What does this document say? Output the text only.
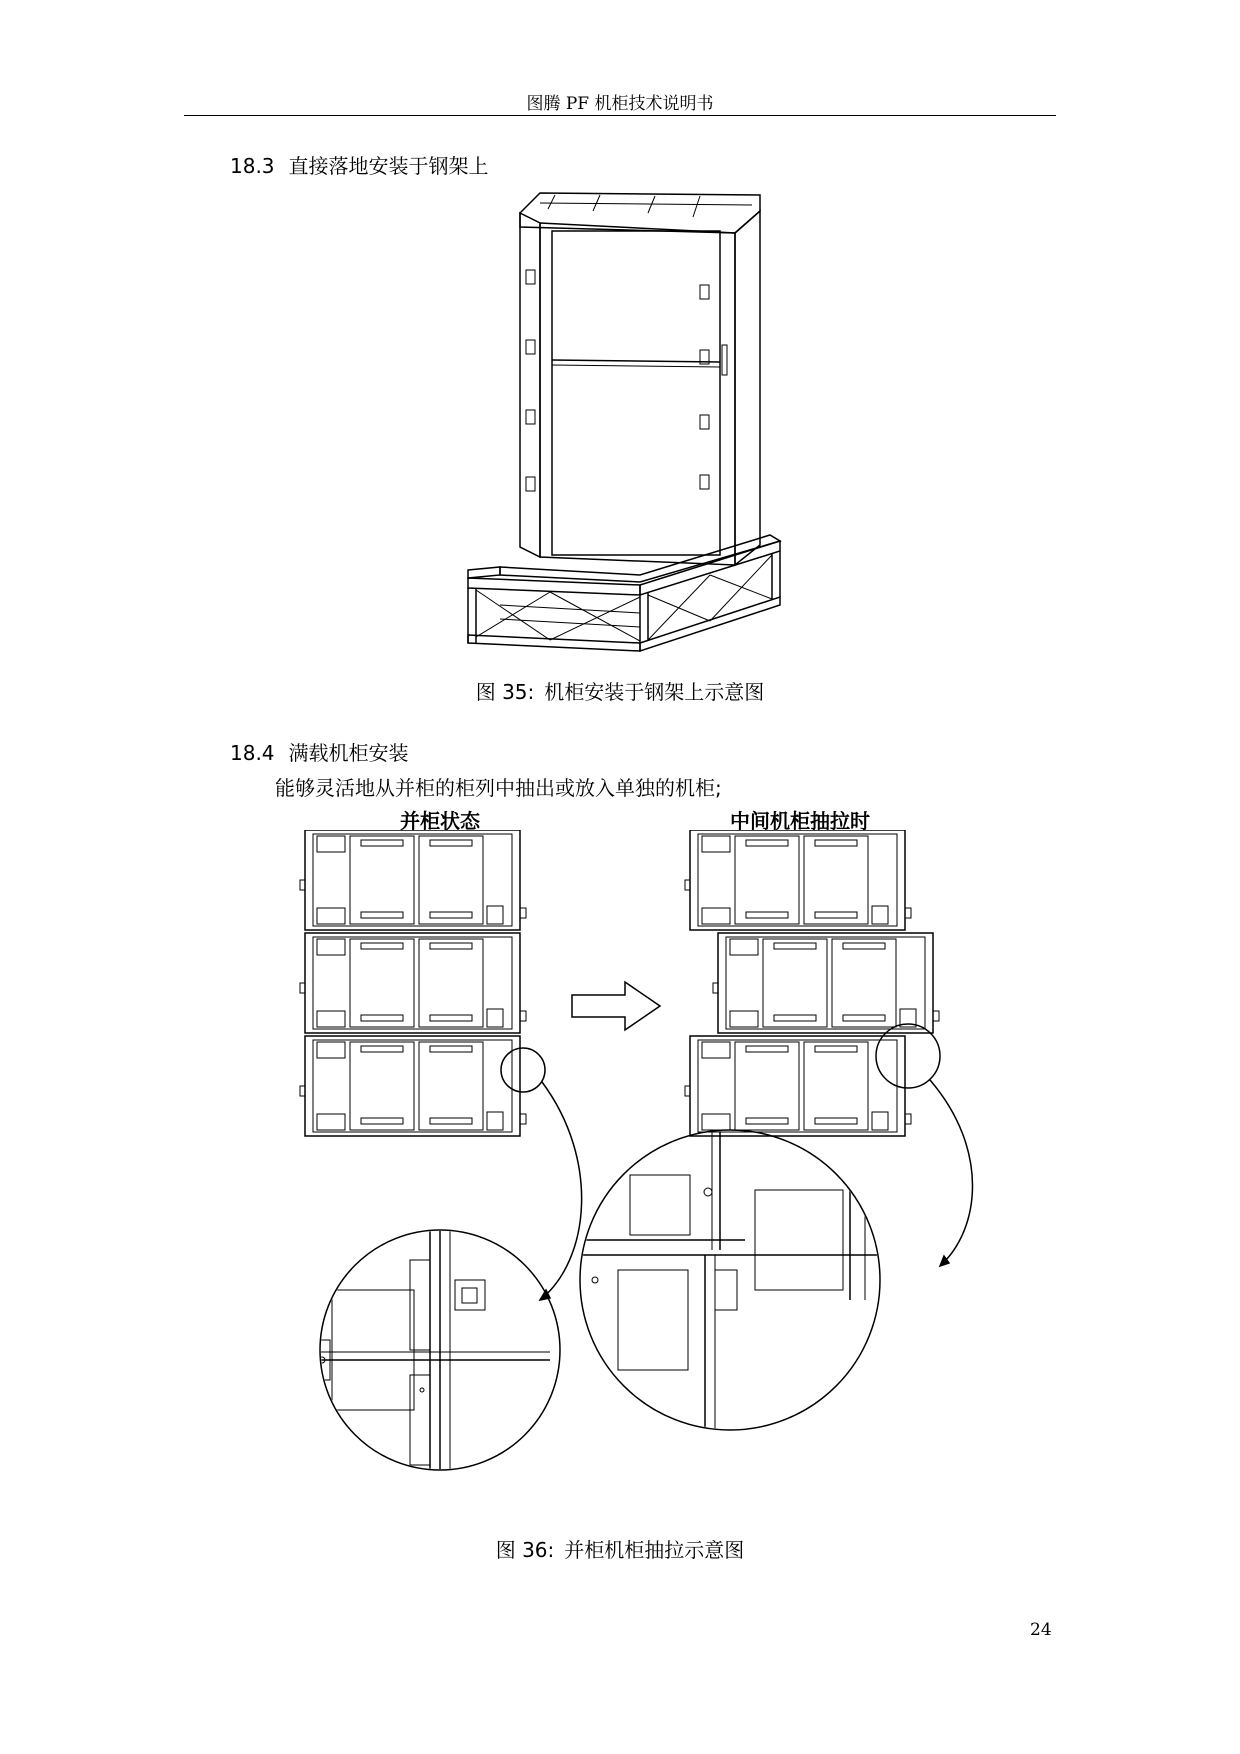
图腾 PF 机柜技术说明书
18.3 直接落地安装于钢架上
图 35: 机柜安装于钢架上示意图
18.4 满载机柜安装
能够灵活地从并柜的柜列中抽出或放入单独的机柜;
并柜状态	中间机柜抽拉时
图 36: 并柜机柜抽拉示意图
24
